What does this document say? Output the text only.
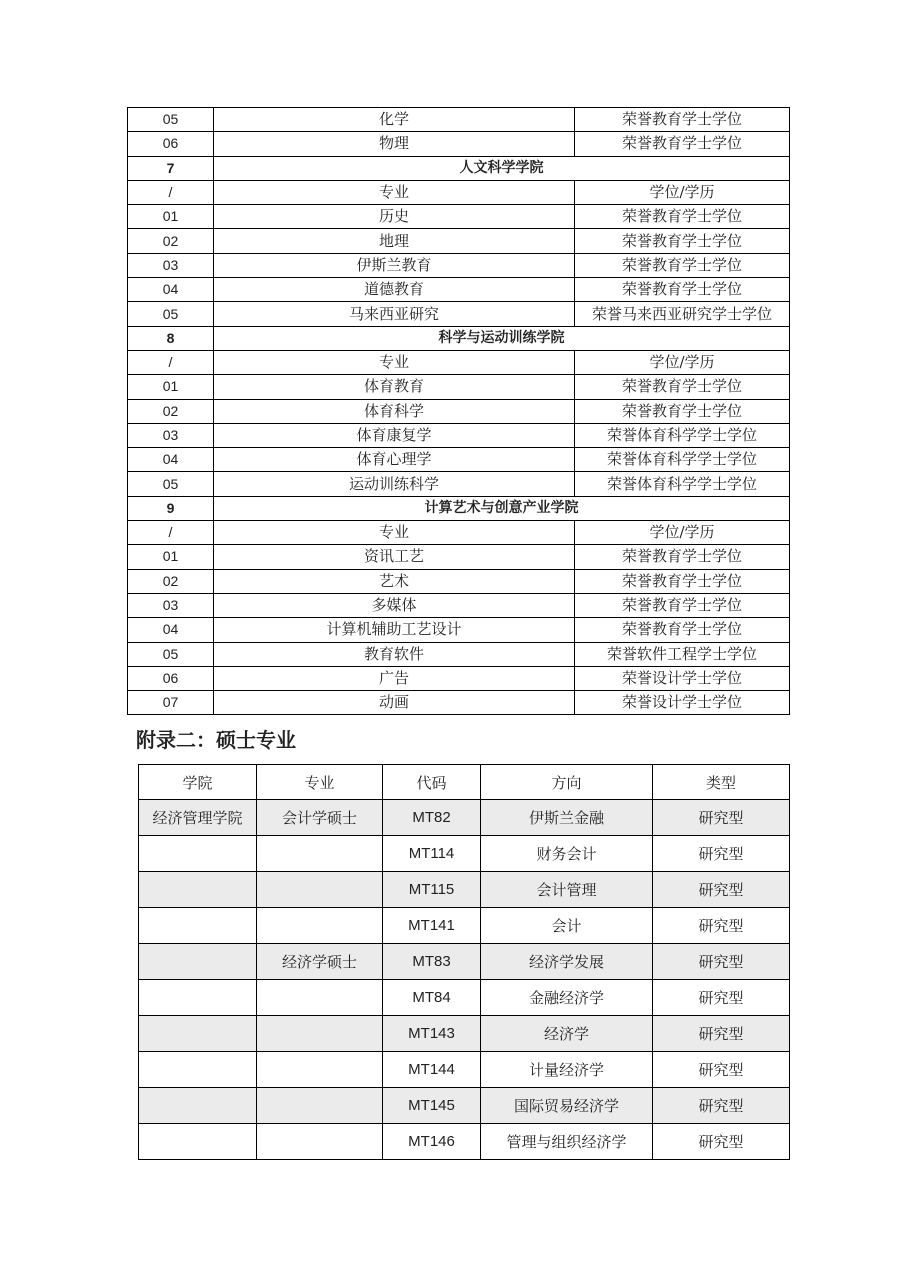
05	化学	荣誉教育学士学位
06	物理	荣誉教育学士学位
7	人文科学学院	
/	专业	学位/学历
01	历史	荣誉教育学士学位
02	地理	荣誉教育学士学位
03	伊斯兰教育	荣誉教育学士学位
04	道德教育	荣誉教育学士学位
05	马来西亚研究	荣誉马来西亚研究学士学位
8	科学与运动训练学院	
/	专业	学位/学历
01	体育教育	荣誉教育学士学位
02	体育科学	荣誉教育学士学位
03	体育康复学	荣誉体育科学学士学位
04	体育心理学	荣誉体育科学学士学位
05	运动训练科学	荣誉体育科学学士学位
9	计算艺术与创意产业学院	
/	专业	学位/学历
01	资讯工艺	荣誉教育学士学位
02	艺术	荣誉教育学士学位
03	多媒体	荣誉教育学士学位
04	计算机辅助工艺设计	荣誉教育学士学位
05	教育软件	荣誉软件工程学士学位
06	广告	荣誉设计学士学位
07	动画	荣誉设计学士学位
附录二：硕士专业
学院	专业	代码	方向	类型
经济管理学院	会计学硕士	MT82	伊斯兰金融	研究型
		MT114	财务会计	研究型
		MT115	会计管理	研究型
		MT141	会计	研究型
	经济学硕士	MT83	经济学发展	研究型
		MT84	金融经济学	研究型
		MT143	经济学	研究型
		MT144	计量经济学	研究型
		MT145	国际贸易经济学	研究型
		MT146	管理与组织经济学	研究型
